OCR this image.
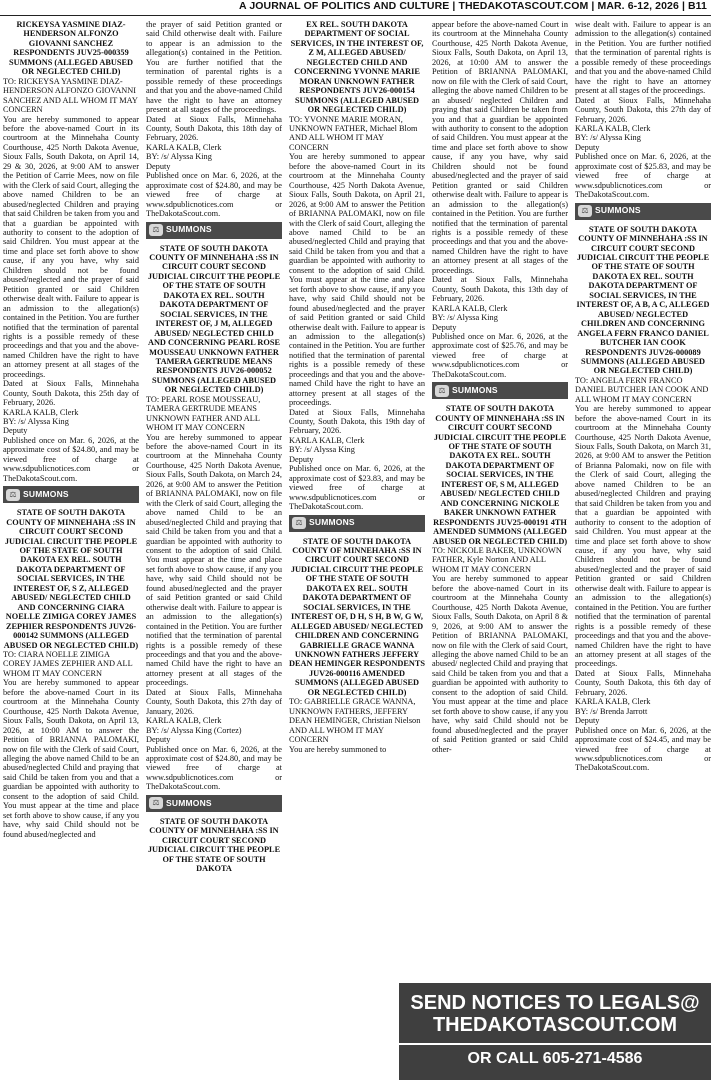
A JOURNAL OF POLITICS AND CULTURE | THEDAKOTASCOUT.COM | MAR. 6-12, 2026 | B11

RICKEYSA YASMINE DIAZ-HENDERSON ALFONZO GIOVANNI SANCHEZ RESPONDENTS JUV25-000359 SUMMONS (ALLEGED ABUSED OR NEGLECTED CHILD)

TO: RICKEYSA YASMINE DIAZ-HENDERSON ALFONZO GIOVANNI SANCHEZ AND ALL WHOM IT MAY CONCERN

You are hereby summoned to appear before the above-named Court in its courtroom at the Minnehaha County Courthouse, 425 North Dakota Avenue, Sioux Falls, South Dakota, on April 14, 29 & 30, 2026, at 9:00 AM to answer the Petition of Carrie Mees, now on file with the Clerk of said Court, alleging the above named Children to be an abused/neglected Children and praying that said Children be taken from you and that a guardian be appointed with authority to consent to the adoption of said Children. You must appear at the time and place set forth above to show cause, if any you have, why said Children should not be found abused/neglected and the prayer of said Petition granted or said Children otherwise dealt with. Failure to appear is an admission to the allegation(s) contained in the Petition. You are further notified that the termination of parental rights is a possible remedy of these proceedings and that you and the above-named Children have the right to have an attorney present at all stages of the proceedings.

Dated at Sioux Falls, Minnehaha County, South Dakota, this 25th day of February, 2026.

KARLA KALB, Clerk

BY: /s/ Alyssa King

Deputy

Published once on Mar. 6, 2026, at the approximate cost of $24.80, and may be viewed free of charge at www.sdpublicnotices.com or TheDakotaScout.com.

⚖ SUMMONS

STATE OF SOUTH DAKOTA COUNTY OF MINNEHAHA :SS IN CIRCUIT COURT SECOND JUDICIAL CIRCUIT THE PEOPLE OF THE STATE OF SOUTH DAKOTA EX REL. SOUTH DAKOTA DEPARTMENT OF SOCIAL SERVICES, IN THE INTEREST OF, S Z, ALLEGED ABUSED/ NEGLECTED CHILD AND CONCERNING CIARA NOELLE ZIMIGA COREY JAMES ZEPHIER RESPONDENTS JUV26-000142 SUMMONS (ALLEGED ABUSED OR NEGLECTED CHILD)

TO: CIARA NOELLE ZIMIGA COREY JAMES ZEPHIER AND ALL WHOM IT MAY CONCERN

You are hereby summoned to appear before the above-named Court in its courtroom at the Minnehaha County Courthouse, 425 North Dakota Avenue, Sioux Falls, South Dakota, on April 13, 2026, at 10:00 AM to answer the Petition of BRIANNA PALOMAKI, now on file with the Clerk of said Court, alleging the above named Child to be an abused/neglected Child and praying that said Child be taken from you and that a guardian be appointed with authority to consent to the adoption of said Child. You must appear at the time and place set forth above to show cause, if any you have, why said Child should not be found abused/neglected and

the prayer of said Petition granted or said Child otherwise dealt with. Failure to appear is an admission to the allegation(s) contained in the Petition. You are further notified that the termination of parental rights is a possible remedy of these proceedings and that you and the above-named Child have the right to have an attorney present at all stages of the proceedings.

Dated at Sioux Falls, Minnehaha County, South Dakota, this 18th day of February, 2026.

KARLA KALB, Clerk

BY: /s/ Alyssa King

Deputy

Published once on Mar. 6, 2026, at the approximate cost of $24.80, and may be viewed free of charge at www.sdpublicnotices.com or TheDakotaScout.com.

⚖ SUMMONS

STATE OF SOUTH DAKOTA COUNTY OF MINNEHAHA :SS IN CIRCUIT COURT SECOND JUDICIAL CIRCUIT THE PEOPLE OF THE STATE OF SOUTH DAKOTA EX REL. SOUTH DAKOTA DEPARTMENT OF SOCIAL SERVICES, IN THE INTEREST OF, J M, ALLEGED ABUSED/ NEGLECTED CHILD AND CONCERNING PEARL ROSE MOUSSEAU UNKNOWN FATHER TAMERA GERTRUDE MEANS RESPONDENTS JUV26-000052 SUMMONS (ALLEGED ABUSED OR NEGLECTED CHILD)

TO: PEARL ROSE MOUSSEAU, TAMERA GERTRUDE MEANS UNKNOWN FATHER AND ALL WHOM IT MAY CONCERN

You are hereby summoned to appear before the above-named Court in its courtroom at the Minnehaha County Courthouse, 425 North Dakota Avenue, Sioux Falls, South Dakota, on March 24, 2026, at 9:00 AM to answer the Petition of BRIANNA PALOMAKI, now on file with the Clerk of said Court, alleging the above named Child to be an abused/neglected Child and praying that said Child be taken from you and that a guardian be appointed with authority to consent to the adoption of said Child. You must appear at the time and place set forth above to show cause, if any you have, why said Child should not be found abused/neglected and the prayer of said Petition granted or said Child otherwise dealt with. Failure to appear is an admission to the allegation(s) contained in the Petition. You are further notified that the termination of parental rights is a possible remedy of these proceedings and that you and the above-named Child have the right to have an attorney present at all stages of the proceedings.

Dated at Sioux Falls, Minnehaha County, South Dakota, this 27th day of January, 2026.

KARLA KALB, Clerk

BY: /s/ Alyssa King (Cortez)

Deputy

Published once on Mar. 6, 2026, at the approximate cost of $24.80, and may be viewed free of charge at www.sdpublicnotices.com or TheDakotaScout.com.

⚖ SUMMONS

STATE OF SOUTH DAKOTA COUNTY OF MINNEHAHA :SS IN CIRCUIT COURT SECOND JUDICIAL CIRCUIT THE PEOPLE OF THE STATE OF SOUTH DAKOTA

EX REL. SOUTH DAKOTA DEPARTMENT OF SOCIAL SERVICES, IN THE INTEREST OF, Z M, ALLEGED ABUSED/ NEGLECTED CHILD AND CONCERNING YVONNE MARIE MORAN UNKNOWN FATHER RESPONDENTS JUV26-000154 SUMMONS (ALLEGED ABUSED OR NEGLECTED CHILD)

TO: YVONNE MARIE MORAN, UNKNOWN FATHER, Michael Blom AND ALL WHOM IT MAY CONCERN

You are hereby summoned to appear before the above-named Court in its courtroom at the Minnehaha County Courthouse, 425 North Dakota Avenue, Sioux Falls, South Dakota, on April 21, 2026, at 9:00 AM to answer the Petition of BRIANNA PALOMAKI, now on file with the Clerk of said Court, alleging the above named Child to be an abused/neglected Child and praying that said Child be taken from you and that a guardian be appointed with authority to consent to the adoption of said Child. You must appear at the time and place set forth above to show cause, if any you have, why said Child should not be found abused/neglected and the prayer of said Petition granted or said Child otherwise dealt with. Failure to appear is an admission to the allegation(s) contained in the Petition. You are further notified that the termination of parental rights is a possible remedy of these proceedings and that you and the above-named Child have the right to have an attorney present at all stages of the proceedings.

Dated at Sioux Falls, Minnehaha County, South Dakota, this 19th day of February, 2026.

KARLA KALB, Clerk

BY: /s/ Alyssa King

Deputy

Published once on Mar. 6, 2026, at the approximate cost of $23.83, and may be viewed free of charge at www.sdpublicnotices.com or TheDakotaScout.com.

⚖ SUMMONS

STATE OF SOUTH DAKOTA COUNTY OF MINNEHAHA :SS IN CIRCUIT COURT SECOND JUDICIAL CIRCUIT THE PEOPLE OF THE STATE OF SOUTH DAKOTA EX REL. SOUTH DAKOTA DEPARTMENT OF SOCIAL SERVICES, IN THE INTEREST OF, D H, S H, B W, G W, ALLEGED ABUSED/ NEGLECTED CHILDREN AND CONCERNING GABRIELLE GRACE WANNA UNKNOWN FATHERS JEFFERY DEAN HEMINGER RESPONDENTS JUV26-000116 AMENDED SUMMONS (ALLEGED ABUSED OR NEGLECTED CHILD)

TO: GABRIELLE GRACE WANNA, UNKNOWN FATHERS, JEFFERY DEAN HEMINGER, Christian Nielson AND ALL WHOM IT MAY CONCERN

You are hereby summoned to

appear before the above-named Court in its courtroom at the Minnehaha County Courthouse, 425 North Dakota Avenue, Sioux Falls, South Dakota, on April 13, 2026, at 10:00 AM to answer the Petition of BRIANNA PALOMAKI, now on file with the Clerk of said Court, alleging the above named Children to be an abused/ neglected Children and praying that said Children be taken from you and that a guardian be appointed with authority to consent to the adoption of said Children. You must appear at the time and place set forth above to show cause, if any you have, why said Children should not be found abused/neglected and the prayer of said Petition granted or said Children otherwise dealt with. Failure to appear is an admission to the allegation(s) contained in the Petition. You are further notified that the termination of parental rights is a possible remedy of these proceedings and that you and the above-named Children have the right to have an attorney present at all stages of the proceedings.

Dated at Sioux Falls, Minnehaha County, South Dakota, this 13th day of February, 2026.

KARLA KALB, Clerk

BY: /s/ Alyssa King

Deputy

Published once on Mar. 6, 2026, at the approximate cost of $25.76, and may be viewed free of charge at www.sdpublicnotices.com or TheDakotaScout.com.

⚖ SUMMONS

STATE OF SOUTH DAKOTA COUNTY OF MINNEHAHA :SS IN CIRCUIT COURT SECOND JUDICIAL CIRCUIT THE PEOPLE OF THE STATE OF SOUTH DAKOTA EX REL. SOUTH DAKOTA DEPARTMENT OF SOCIAL SERVICES, IN THE INTEREST OF, S M, ALLEGED ABUSED/ NEGLECTED CHILD AND CONCERNING NICKOLE BAKER UNKNOWN FATHER RESPONDENTS JUV25-000191 4TH AMENDED SUMMONS (ALLEGED ABUSED OR NEGLECTED CHILD)

TO: NICKOLE BAKER, UNKNOWN FATHER, Kyle Norton AND ALL WHOM IT MAY CONCERN

You are hereby summoned to appear before the above-named Court in its courtroom at the Minnehaha County Courthouse, 425 North Dakota Avenue, Sioux Falls, South Dakota, on April 8 & 9, 2026, at 9:00 AM to answer the Petition of BRIANNA PALOMAKI, now on file with the Clerk of said Court, alleging the above named Child to be an abused/ neglected Child and praying that said Child be taken from you and that a guardian be appointed with authority to consent to the adoption of said Child. You must appear at the time and place set forth above to show cause, if any you have, why said Child should not be found abused/neglected and the prayer of said Petition granted or said Child other-

wise dealt with. Failure to appear is an admission to the allegation(s) contained in the Petition. You are further notified that the termination of parental rights is a possible remedy of these proceedings and that you and the above-named Child have the right to have an attorney present at all stages of the proceedings.

Dated at Sioux Falls, Minnehaha County, South Dakota, this 27th day of February, 2026.

KARLA KALB, Clerk

BY: /s/ Alyssa King

Deputy

Published once on Mar. 6, 2026, at the approximate cost of $25.83, and may be viewed free of charge at www.sdpublicnotices.com or TheDakotaScout.com.

⚖ SUMMONS

STATE OF SOUTH DAKOTA COUNTY OF MINNEHAHA :SS IN CIRCUIT COURT SECOND JUDICIAL CIRCUIT THE PEOPLE OF THE STATE OF SOUTH DAKOTA EX REL. SOUTH DAKOTA DEPARTMENT OF SOCIAL SERVICES, IN THE INTEREST OF, A B, A C, ALLEGED ABUSED/ NEGLECTED CHILDREN AND CONCERNING ANGELA FERN FRANCO DANIEL BUTCHER IAN COOK RESPONDENTS JUV26-000089 SUMMONS (ALLEGED ABUSED OR NEGLECTED CHILD)

TO: ANGELA FERN FRANCO DANIEL BUTCHER IAN COOK AND ALL WHOM IT MAY CONCERN

You are hereby summoned to appear before the above-named Court in its courtroom at the Minnehaha County Courthouse, 425 North Dakota Avenue, Sioux Falls, South Dakota, on March 31, 2026, at 9:00 AM to answer the Petition of Brianna Palomaki, now on file with the Clerk of said Court, alleging the above named Children to be an abused/neglected Children and praying that said Children be taken from you and that a guardian be appointed with authority to consent to the adoption of said Children. You must appear at the time and place set forth above to show cause, if any you have, why said Children should not be found abused/neglected and the prayer of said Petition granted or said Children otherwise dealt with. Failure to appear is an admission to the allegation(s) contained in the Petition. You are further notified that the termination of parental rights is a possible remedy of these proceedings and that you and the above-named Children have the right to have an attorney present at all stages of the proceedings.

Dated at Sioux Falls, Minnehaha County, South Dakota, this 6th day of February, 2026.

KARLA KALB, Clerk

BY: /s/ Brenda Jarrott

Deputy

Published once on Mar. 6, 2026, at the approximate cost of $24.45, and may be viewed free of charge at www.sdpublicnotices.com or TheDakotaScout.com.

SEND NOTICES TO LEGALS@
THEDAKOTASCOUT.COM
OR CALL 605-271-4586
